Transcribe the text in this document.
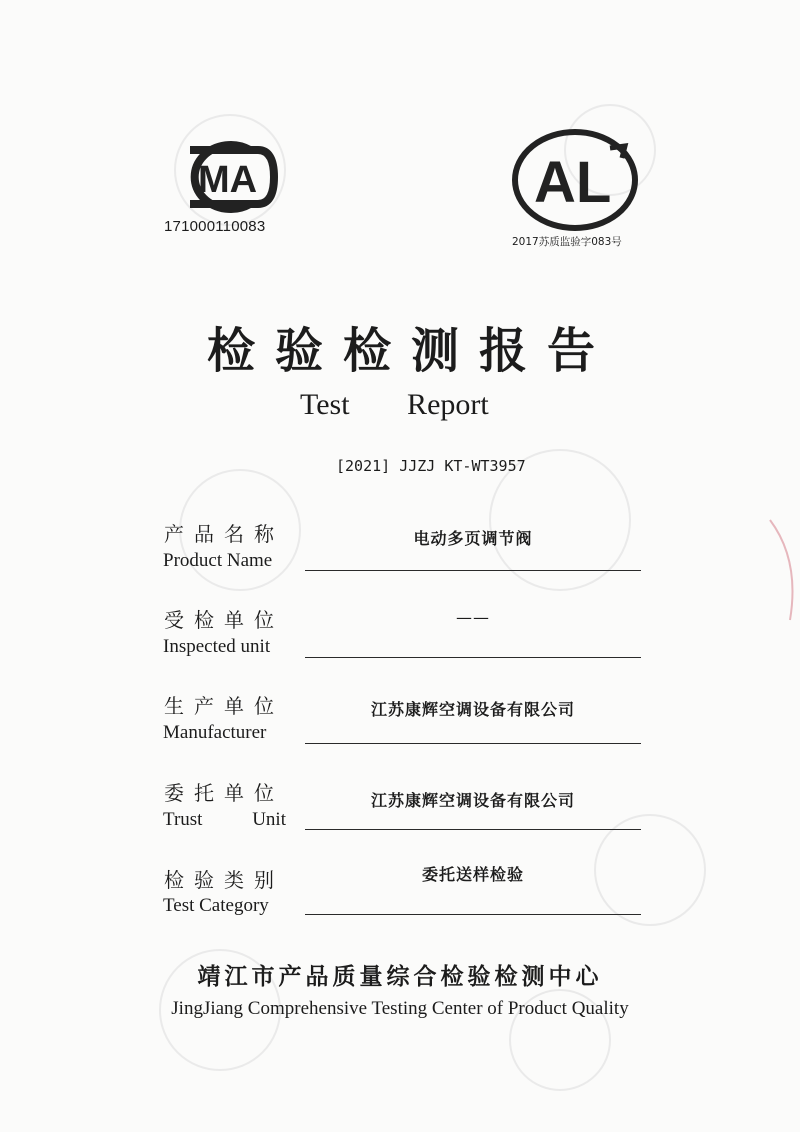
MA
171000110083
AL
2017苏质监验字083号
检验检测报告
Test Report
[2021] JJZJ KT-WT3957
产品名称
Product Name
电动多页调节阀
受检单位
Inspected unit
——
生产单位
Manufacturer
江苏康辉空调设备有限公司
委托单位
Trust Unit
江苏康辉空调设备有限公司
检验类别
Test Category
委托送样检验
靖江市产品质量综合检验检测中心
JingJiang Comprehensive Testing Center of Product Quality
